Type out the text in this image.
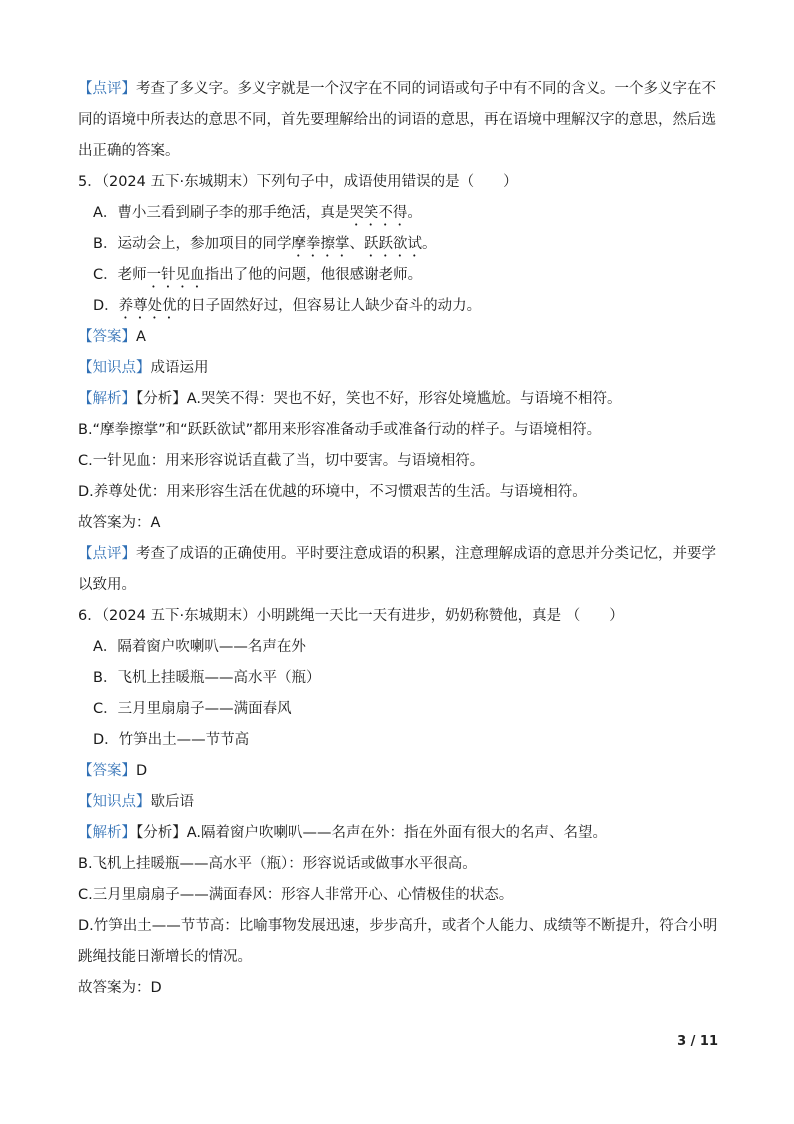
【点评】考查了多义字。多义字就是一个汉字在不同的词语或句子中有不同的含义。一个多义字在不
同的语境中所表达的意思不同，首先要理解给出的词语的意思，再在语境中理解汉字的意思，然后选
出正确的答案。
5．（2024 五下·东城期末）下列句子中，成语使用错误的是（　　）
A．曹小三看到刷子李的那手绝活，真是哭笑不得。
B．运动会上，参加项目的同学摩拳擦掌、跃跃欲试。
C．老师一针见血指出了他的问题，他很感谢老师。
D．养尊处优的日子固然好过，但容易让人缺少奋斗的动力。
【答案】A
【知识点】成语运用
【解析】【分析】A.哭笑不得：哭也不好，笑也不好，形容处境尴尬。与语境不相符。
B.“摩拳擦掌”和“跃跃欲试”都用来形容准备动手或准备行动的样子。与语境相符。
C.一针见血：用来形容说话直截了当，切中要害。与语境相符。
D.养尊处优：用来形容生活在优越的环境中，不习惯艰苦的生活。与语境相符。
故答案为：A
【点评】考查了成语的正确使用。平时要注意成语的积累，注意理解成语的意思并分类记忆，并要学
以致用。
6．（2024 五下·东城期末）小明跳绳一天比一天有进步，奶奶称赞他，真是 （　　）
A．隔着窗户吹喇叭——名声在外
B．飞机上挂暖瓶——高水平（瓶）
C．三月里扇扇子——满面春风
D．竹笋出土——节节高
【答案】D
【知识点】歇后语
【解析】【分析】A.隔着窗户吹喇叭——名声在外：指在外面有很大的名声、名望。
B.飞机上挂暖瓶——高水平（瓶）：形容说话或做事水平很高。
C.三月里扇扇子——满面春风：形容人非常开心、心情极佳的状态。
D.竹笋出土——节节高：比喻事物发展迅速，步步高升，或者个人能力、成绩等不断提升，符合小明
跳绳技能日渐增长的情况。
故答案为：D
3 / 11
